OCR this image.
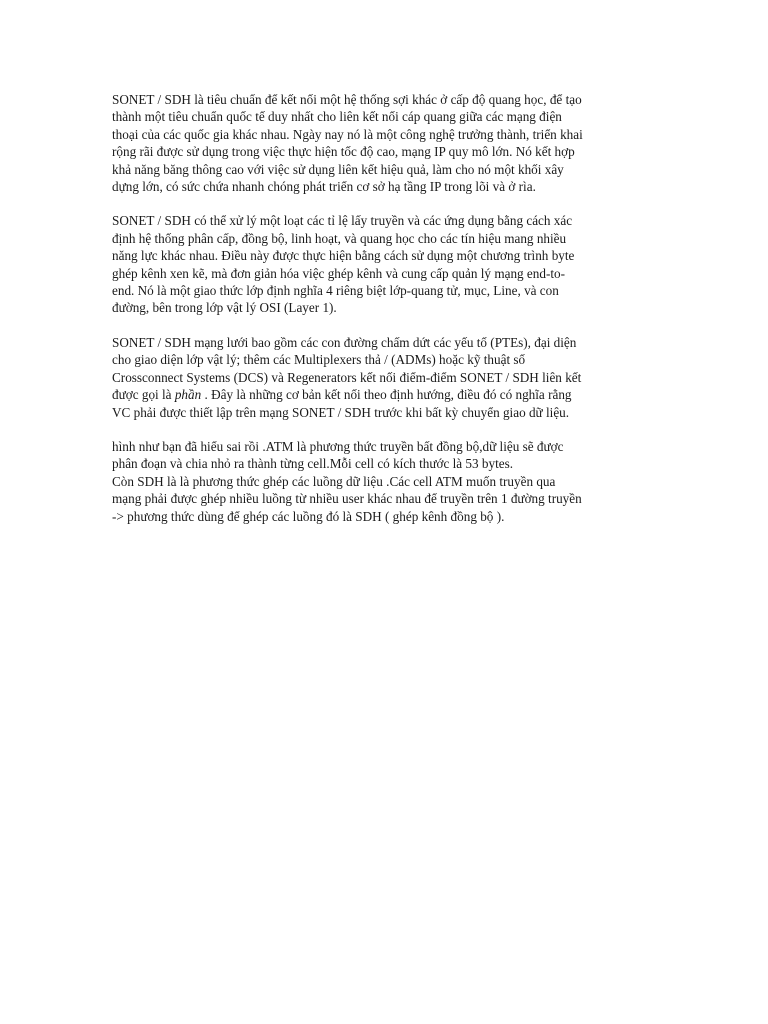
SONET / SDH là tiêu chuẩn để kết nối một hệ thống sợi khác ở cấp độ quang học, để tạo
thành một tiêu chuẩn quốc tế duy nhất cho liên kết nối cáp quang giữa các mạng điện
thoại của các quốc gia khác nhau. Ngày nay nó là một công nghệ trưởng thành, triển khai
rộng rãi được sử dụng trong việc thực hiện tốc độ cao, mạng IP quy mô lớn. Nó kết hợp
khả năng băng thông cao với việc sử dụng liên kết hiệu quả, làm cho nó một khối xây
dựng lớn, có sức chứa nhanh chóng phát triển cơ sở hạ tầng IP trong lõi và ở rìa.

SONET / SDH có thể xử lý một loạt các tỉ lệ lấy truyền và các ứng dụng bằng cách xác
định hệ thống phân cấp, đồng bộ, linh hoạt, và quang học cho các tín hiệu mang nhiều
năng lực khác nhau. Điều này được thực hiện bằng cách sử dụng một chương trình byte
ghép kênh xen kẽ, mà đơn giản hóa việc ghép kênh và cung cấp quản lý mạng end-to-
end. Nó là một giao thức lớp định nghĩa 4 riêng biệt lớp-quang tử, mục, Line, và con
đường, bên trong lớp vật lý OSI (Layer 1).

SONET / SDH mạng lưới bao gồm các con đường chấm dứt các yếu tố (PTEs), đại diện
cho giao diện lớp vật lý; thêm các Multiplexers thả / (ADMs) hoặc kỹ thuật số
Crossconnect Systems (DCS) và Regenerators kết nối điểm-điểm SONET / SDH liên kết
được gọi là phần . Đây là những cơ bản kết nối theo định hướng, điều đó có nghĩa rằng
VC phải được thiết lập trên mạng SONET / SDH trước khi bất kỳ chuyển giao dữ liệu.

hình như bạn đã hiểu sai rồi .ATM là phương thức truyền bất đồng bộ,dữ liệu sẽ được
phân đoạn và chia nhỏ ra thành từng cell.Mỗi cell có kích thước là 53 bytes.
Còn SDH là là phương thức ghép các luồng dữ liệu .Các cell ATM muốn truyền qua
mạng phải được ghép nhiều luồng từ nhiều user khác nhau để truyền trên 1 đường truyền
-> phương thức dùng để ghép các luồng đó là SDH ( ghép kênh đồng bộ ).
